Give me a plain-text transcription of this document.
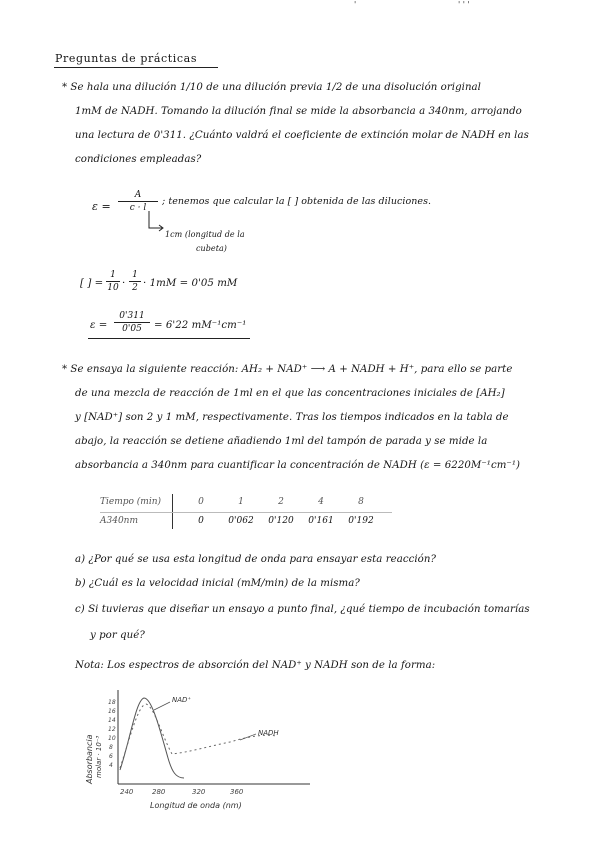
'	' ' '
Preguntas de prácticas
* Se hala una dilución 1/10 de una dilución previa 1/2 de una disolución original
1mM de NADH. Tomando la dilución final se mide la absorbancia a 340nm, arrojando
una lectura de 0'311. ¿Cuánto valdrá el coeficiente de extinción molar de NADH en las
condiciones empleadas?
$\varepsilon = \frac{A}{c \cdot l}$ ; tenemos que calcular la [ ] obtenida de las diluciones.
1cm (longitud de la
cubeta)
[ ] = $\frac{1}{10} \cdot \frac{1}{2} \cdot 1mM = 0'05$ mM
$\varepsilon = \frac{0'311}{0'05} = 6'22$ mM⁻¹cm⁻¹
* Se ensaya la siguiente reacción: AH₂ + NAD⁺ ⟶ A + NADH + H⁺, para ello se parte
de una mezcla de reacción de 1ml en el que las concentraciones iniciales de [AH₂]
y [NAD⁺] son 2 y 1 mM, respectivamente. Tras los tiempos indicados en la tabla de
abajo, la reacción se detiene añadiendo 1ml del tampón de parada y se mide la
absorbancia a 340nm para cuantificar la concentración de NADH (ε = 6220M⁻¹cm⁻¹)
Tiempo (min)		0	1	2	4	8
A340nm		0	0'062	0'120	0'161	0'192
a) ¿Por qué se usa esta longitud de onda para ensayar esta reacción?
b) ¿Cuál es la velocidad inicial (mM/min) de la misma?
c) Si tuvieras que diseñar un ensayo a punto final, ¿qué tiempo de incubación tomarías
y por qué?
Nota: Los espectros de absorción del NAD⁺ y NADH son de la forma:
Absorbancia molar · 10⁻³
18
16
14
12
10
8
6
4
240	280	320	360
Longitud de onda (nm)
NAD⁺
NADH
